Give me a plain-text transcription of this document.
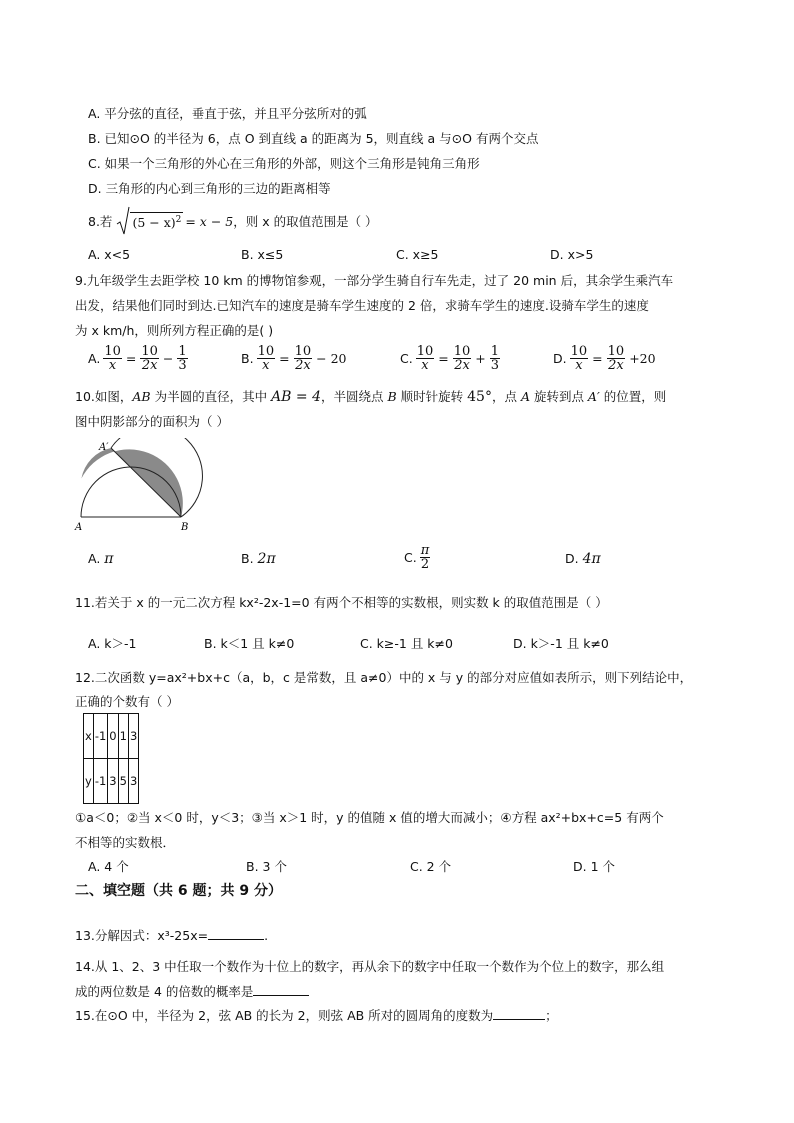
A. 平分弦的直径，垂直于弦，并且平分弦所对的弧
B. 已知⊙O 的半径为 6，点 O 到直线 a 的距离为 5，则直线 a 与⊙O 有两个交点
C. 如果一个三角形的外心在三角形的外部，则这个三角形是钝角三角形
D. 三角形的内心到三角形的三边的距离相等
8.若 $(5 - x)^2 = x - 5$ ，则 x 的取值范围是（ ）
A. x<5	B. x≤5	C. x≥5	D. x>5
9.九年级学生去距学校 10 km 的博物馆参观，一部分学生骑自行车先走，过了 20 min 后，其余学生乘汽车
出发，结果他们同时到达.已知汽车的速度是骑车学生速度的 2 倍，求骑车学生的速度.设骑车学生的速度
为 x km/h，则所列方程正确的是( )
A. $\frac{10}{x} = \frac{10}{2x} - \frac{1}{3}$	B. $\frac{10}{x} = \frac{10}{2x} - 20$	C. $\frac{10}{x} = \frac{10}{2x} + \frac{1}{3}$	D. $\frac{10}{x} = \frac{10}{2x} +20$
10.如图，AB 为半圆的直径，其中 AB = 4，半圆绕点 B 顺时针旋转 45°，点 A 旋转到点 A′ 的位置，则
图中阴影部分的面积为（ ）
A′
A	B
A. π	B. 2π	C. $\frac{\pi}{2}$	D. 4π
11.若关于 x 的一元二次方程 kx²-2x-1=0 有两个不相等的实数根，则实数 k 的取值范围是（ ）
A. k＞-1	B. k＜1 且 k≠0	C. k≥-1 且 k≠0	D. k＞-1 且 k≠0
12.二次函数 y=ax²+bx+c（a，b，c 是常数，且 a≠0）中的 x 与 y 的部分对应值如表所示，则下列结论中，
正确的个数有（ ）
x	-1	0	1	3
y	-1	3	5	3
①a＜0；②当 x＜0 时，y＜3；③当 x＞1 时，y 的值随 x 值的增大而减小；④方程 ax²+bx+c=5 有两个
不相等的实数根．
A. 4 个	B. 3 个	C. 2 个	D. 1 个
二、填空题（共 6 题；共 9 分）
13.分解因式：x³-25x=	.
14.从 1、2、3 中任取一个数作为十位上的数字，再从余下的数字中任取一个数作为个位上的数字，那么组
成的两位数是 4 的倍数的概率是
15.在⊙O 中，半径为 2，弦 AB 的长为 2，则弦 AB 所对的圆周角的度数为	；
